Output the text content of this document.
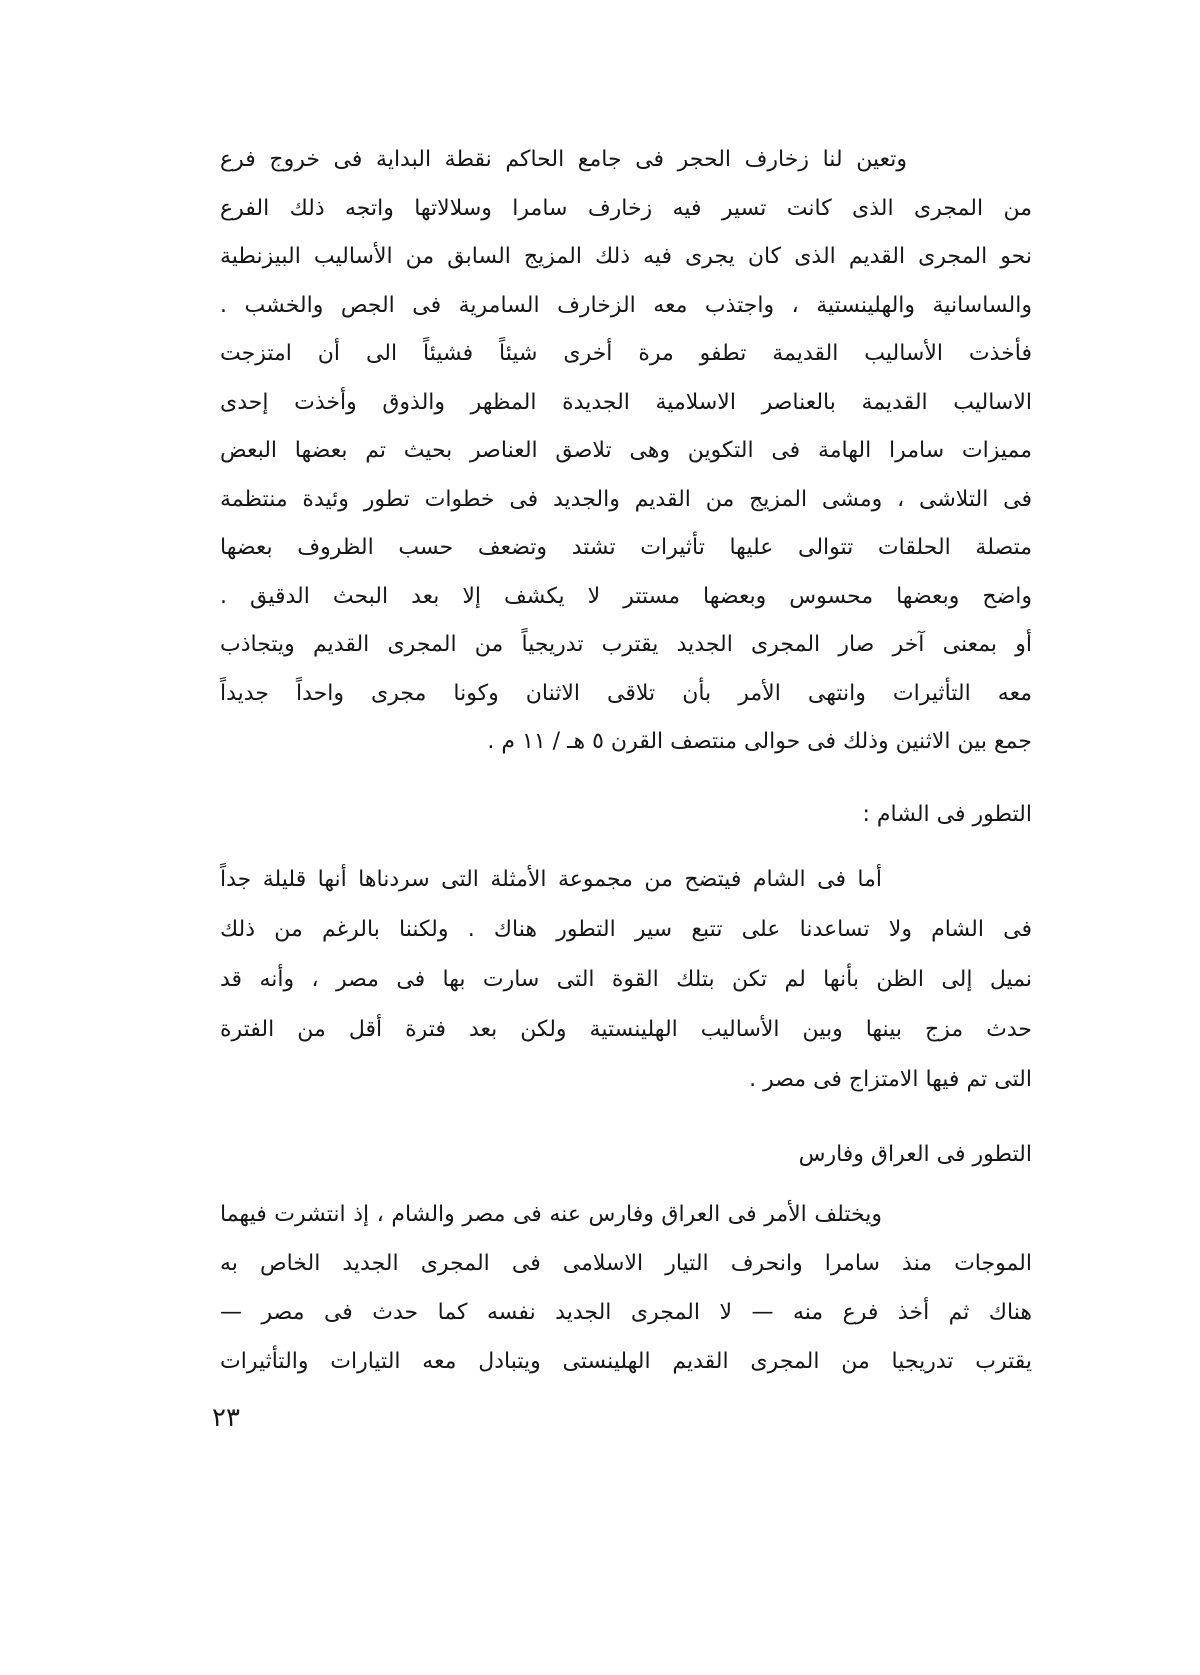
وتعين لنا زخارف الحجر فى جامع الحاكم نقطة البداية فى خروج فرع
من المجرى الذى كانت تسير فيه زخارف سامرا وسلالاتها واتجه ذلك الفرع
نحو المجرى القديم الذى كان يجرى فيه ذلك المزيج السابق من الأساليب البيزنطية
والساسانية والهلينستية ، واجتذب معه الزخارف السامرية فى الجص والخشب .
فأخذت الأساليب القديمة تطفو مرة أخرى شيئاً فشيئاً الى أن امتزجت
الاساليب القديمة بالعناصر الاسلامية الجديدة المظهر والذوق وأخذت إحدى
مميزات سامرا الهامة فى التكوين وهى تلاصق العناصر بحيث تم بعضها البعض
فى التلاشى ، ومشى المزيج من القديم والجديد فى خطوات تطور وئيدة منتظمة
متصلة الحلقات تتوالى عليها تأثيرات تشتد وتضعف حسب الظروف بعضها
واضح وبعضها محسوس وبعضها مستتر لا يكشف إلا بعد البحث الدقيق .
أو بمعنى آخر صار المجرى الجديد يقترب تدريجياً من المجرى القديم ويتجاذب
معه التأثيرات وانتهى الأمر بأن تلاقى الاثنان وكونا مجرى واحداً جديداً
جمع بين الاثنين وذلك فى حوالى منتصف القرن ٥ هـ / ١١ م .
التطور فى الشام :
أما فى الشام فيتضح من مجموعة الأمثلة التى سردناها أنها قليلة جداً
فى الشام ولا تساعدنا على تتبع سير التطور هناك . ولكننا بالرغم من ذلك
نميل إلى الظن بأنها لم تكن بتلك القوة التى سارت بها فى مصر ، وأنه قد
حدث مزج بينها وبين الأساليب الهلينستية ولكن بعد فترة أقل من الفترة
التى تم فيها الامتزاج فى مصر .
التطور فى العراق وفارس
ويختلف الأمر فى العراق وفارس عنه فى مصر والشام ، إذ انتشرت فيهما
الموجات منذ سامرا وانحرف التيار الاسلامى فى المجرى الجديد الخاص به
هناك ثم أخذ فرع منه — لا المجرى الجديد نفسه كما حدث فى مصر —
يقترب تدريجيا من المجرى القديم الهلينستى ويتبادل معه التيارات والتأثيرات
٢٣
